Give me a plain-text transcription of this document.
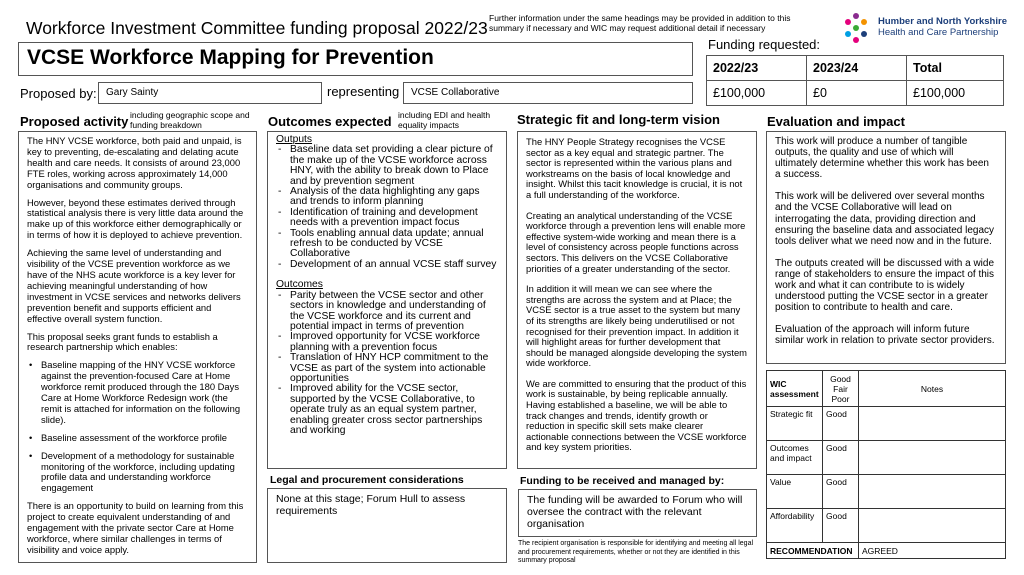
Workforce Investment Committee funding proposal 2022/23 Further information under the same headings may be provided in addition to this summary if necessary and WIC may request additional detail if necessary
Humber and North Yorkshire
Health and Care Partnership
VCSE Workforce Mapping for Prevention
Funding requested:
2022/23	2023/24	Total
£100,000	£0	£100,000
Proposed by: Gary Sainty	representing	VCSE Collaborative
Proposed activity including geographic scope and funding breakdown

The HNY VCSE workforce, both paid and unpaid, is key to preventing, de-escalating and delating acute health and care needs. It consists of around 23,000 FTE roles, working across approximately 14,000 organisations and community groups.

However, beyond these estimates derived through statistical analysis there is very little data around the make up of this workforce either demographically or in terms of how it is deployed to achieve prevention.

Achieving the same level of understanding and visibility of the VCSE prevention workforce as we have of the NHS acute workforce is a key lever for achieving meaningful understanding of how investment in VCSE services and networks delivers prevention benefit and supports efficient and effective overall system function.

This proposal seeks grant funds to establish a research partnership which enables:

• Baseline mapping of the HNY VCSE workforce against the prevention-focused Care at Home workforce remit produced through the 180 Days Care at Home Workforce Redesign work (the remit is attached for information on the following slide).
• Baseline assessment of the workforce profile
• Development of a methodology for sustainable monitoring of the workforce, including updating profile data and understanding workforce engagement

There is an opportunity to build on learning from this project to create equivalent understanding of and engagement with the private sector Care at Home workforce, where similar challenges in terms of visibility and voice apply.

Outcomes expected including EDI and health equality impacts
Outputs
- Baseline data set providing a clear picture of the make up of the VCSE workforce across HNY, with the ability to break down to Place and by prevention segment
- Analysis of the data highlighting any gaps and trends to inform planning
- Identification of training and development needs with a prevention impact focus
- Tools enabling annual data update; annual refresh to be conducted by VCSE Collaborative
- Development of an annual VCSE staff survey
Outcomes
- Parity between the VCSE sector and other sectors in knowledge and understanding of the VCSE workforce and its current and potential impact in terms of prevention
- Improved opportunity for VCSE workforce planning with a prevention focus
- Translation of HNY HCP commitment to the VCSE as part of the system into actionable opportunities
- Improved ability for the VCSE sector, supported by the VCSE Collaborative, to operate truly as an equal system partner, enabling greater cross sector partnerships and working
Legal and procurement considerations
None at this stage; Forum Hull to assess requirements
Strategic fit and long-term vision

The HNY People Strategy recognises the VCSE sector as a key equal and strategic partner. The sector is represented within the various plans and workstreams on the basis of local knowledge and insight. Whilst this tacit knowledge is crucial, it is not a full understanding of the workforce.

Creating an analytical understanding of the VCSE workforce through a prevention lens will enable more effective system-wide working and mean there is a level of consistency across people functions across sectors. This delivers on the VCSE Collaborative priorities of a greater understanding of the sector.

In addition it will mean we can see where the strengths are across the system and at Place; the VCSE sector is a true asset to the system but many of its strengths are likely being underutilised or not recognised for their prevention impact. In addition it will highlight areas for further development that should be managed alongside developing the system wide workforce.

We are committed to ensuring that the product of this work is sustainable, by being replicable annually. Having established a baseline, we will be able to track changes and trends, identify growth or reduction in specific skill sets make clearer actionable connections between the VCSE workforce and key system priorities.

Funding to be received and managed by:
The funding will be awarded to Forum who will oversee the contract with the relevant organisation
The recipient organisation is responsible for identifying and meeting all legal and procurement requirements, whether or not they are identified in this summary proposal
Evaluation and impact

This work will produce a number of tangible outputs, the quality and use of which will ultimately determine whether this work has been a success.

This work will be delivered over several months and the VCSE Collaborative will lead on interrogating the data, providing direction and ensuring the baseline data and associated legacy tools deliver what we need now and in the future.

The outputs created will be discussed with a wide range of stakeholders to ensure the impact of this work and what it can contribute to is widely understood putting the VCSE sector in a greater position to contribute to health and care.

Evaluation of the approach will inform future similar work in relation to private sector providers.

WIC assessment	Good Fair Poor	Notes
Strategic fit	Good	
Outcomes and impact	Good	
Value	Good	
Affordability	Good	
RECOMMENDATION		AGREED
